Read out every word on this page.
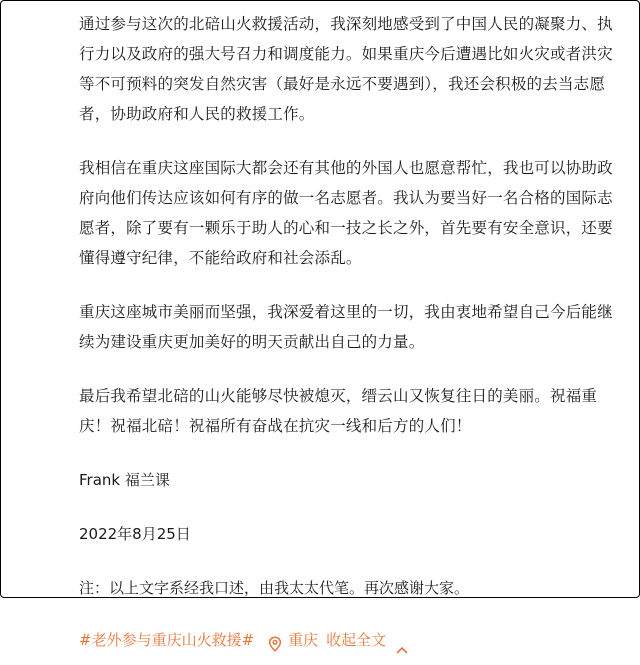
通过参与这次的北碚山火救援活动，我深刻地感受到了中国人民的凝聚力、执行力以及政府的强大号召力和调度能力。如果重庆今后遭遇比如火灾或者洪灾等不可预料的突发自然灾害（最好是永远不要遇到），我还会积极的去当志愿者，协助政府和人民的救援工作。

我相信在重庆这座国际大都会还有其他的外国人也愿意帮忙，我也可以协助政府向他们传达应该如何有序的做一名志愿者。我认为要当好一名合格的国际志愿者，除了要有一颗乐于助人的心和一技之长之外，首先要有安全意识，还要懂得遵守纪律，不能给政府和社会添乱。

重庆这座城市美丽而坚强，我深爱着这里的一切，我由衷地希望自己今后能继续为建设重庆更加美好的明天贡献出自己的力量。

最后我希望北碚的山火能够尽快被熄灭，缙云山又恢复往日的美丽。祝福重庆！祝福北碚！祝福所有奋战在抗灾一线和后方的人们！

Frank 福兰课

2022年8月25日

注：以上文字系经我口述，由我太太代笔。再次感谢大家。

#老外参与重庆山火救援# 重庆 收起全文
